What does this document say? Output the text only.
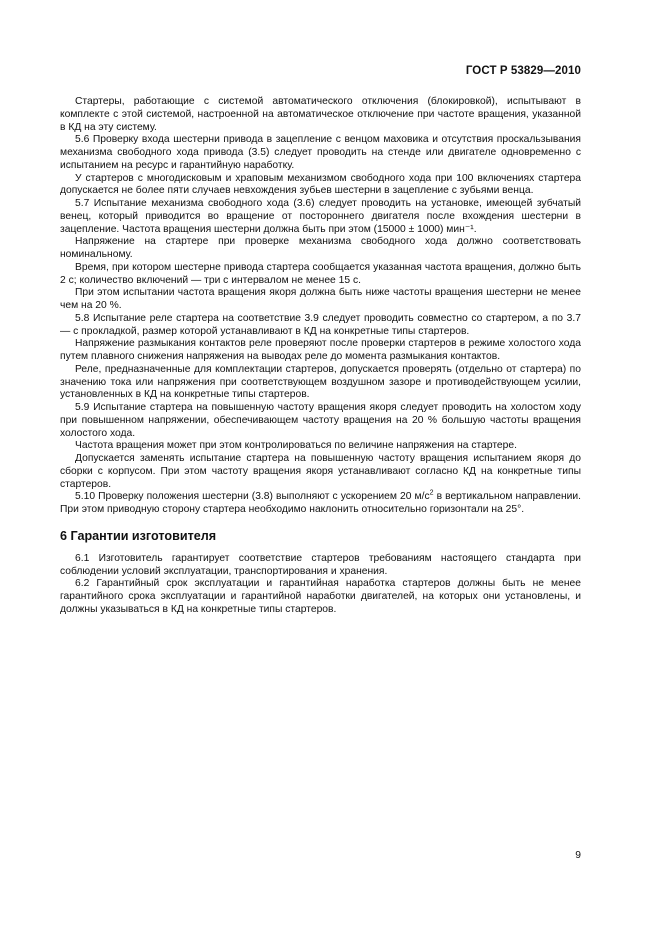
ГОСТ Р 53829—2010

Стартеры, работающие с системой автоматического отключения (блокировкой), испытывают в комплекте с этой системой, настроенной на автоматическое отключение при частоте вращения, указанной в КД на эту систему.

5.6 Проверку входа шестерни привода в зацепление с венцом маховика и отсутствия проскальзывания механизма свободного хода привода (3.5) следует проводить на стенде или двигателе одновременно с испытанием на ресурс и гарантийную наработку.

У стартеров с многодисковым и храповым механизмом свободного хода при 100 включениях стартера допускается не более пяти случаев невхождения зубьев шестерни в зацепление с зубьями венца.

5.7 Испытание механизма свободного хода (3.6) следует проводить на установке, имеющей зубчатый венец, который приводится во вращение от постороннего двигателя после вхождения шестерни в зацепление. Частота вращения шестерни должна быть при этом (15000 ± 1000) мин⁻¹.

Напряжение на стартере при проверке механизма свободного хода должно соответствовать номинальному.

Время, при котором шестерне привода стартера сообщается указанная частота вращения, должно быть 2 с; количество включений — три с интервалом не менее 15 с.

При этом испытании частота вращения якоря должна быть ниже частоты вращения шестерни не менее чем на 20 %.

5.8 Испытание реле стартера на соответствие 3.9 следует проводить совместно со стартером, а по 3.7 — с прокладкой, размер которой устанавливают в КД на конкретные типы стартеров.

Напряжение размыкания контактов реле проверяют после проверки стартеров в режиме холостого хода путем плавного снижения напряжения на выводах реле до момента размыкания контактов.

Реле, предназначенные для комплектации стартеров, допускается проверять (отдельно от стартера) по значению тока или напряжения при соответствующем воздушном зазоре и противодействующем усилии, установленных в КД на конкретные типы стартеров.

5.9 Испытание стартера на повышенную частоту вращения якоря следует проводить на холостом ходу при повышенном напряжении, обеспечивающем частоту вращения на 20 % большую частоты вращения холостого хода.

Частота вращения может при этом контролироваться по величине напряжения на стартере.

Допускается заменять испытание стартера на повышенную частоту вращения испытанием якоря до сборки с корпусом. При этом частоту вращения якоря устанавливают согласно КД на конкретные типы стартеров.

5.10 Проверку положения шестерни (3.8) выполняют с ускорением 20 $м/с^2$ в вертикальном направлении. При этом приводную сторону стартера необходимо наклонить относительно горизонтали на 25°.

6 Гарантии изготовителя

6.1 Изготовитель гарантирует соответствие стартеров требованиям настоящего стандарта при соблюдении условий эксплуатации, транспортирования и хранения.

6.2 Гарантийный срок эксплуатации и гарантийная наработка стартеров должны быть не менее гарантийного срока эксплуатации и гарантийной наработки двигателей, на которых они установлены, и должны указываться в КД на конкретные типы стартеров.

9
